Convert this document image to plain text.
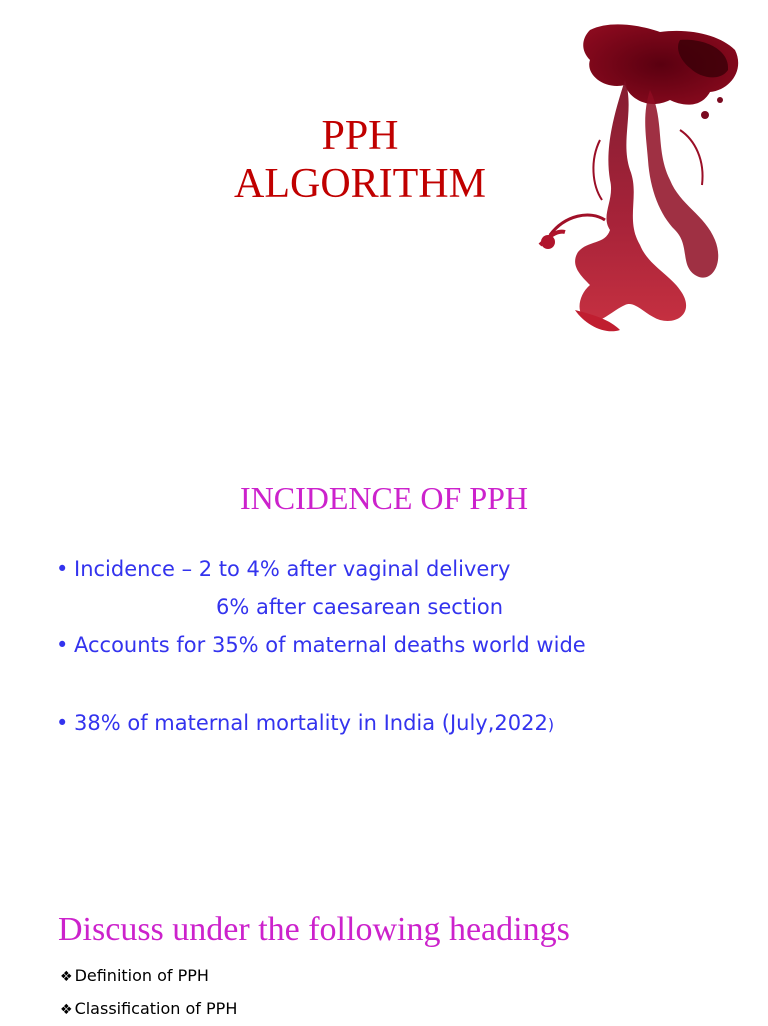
PPH
ALGORITHM
INCIDENCE OF PPH
• Incidence – 2 to 4% after vaginal delivery
6% after caesarean section
• Accounts for 35% of maternal deaths world wide
• 38% of maternal mortality in India (July,2022)
Discuss under the following headings
❖ Definition of PPH
❖ Classification of PPH
